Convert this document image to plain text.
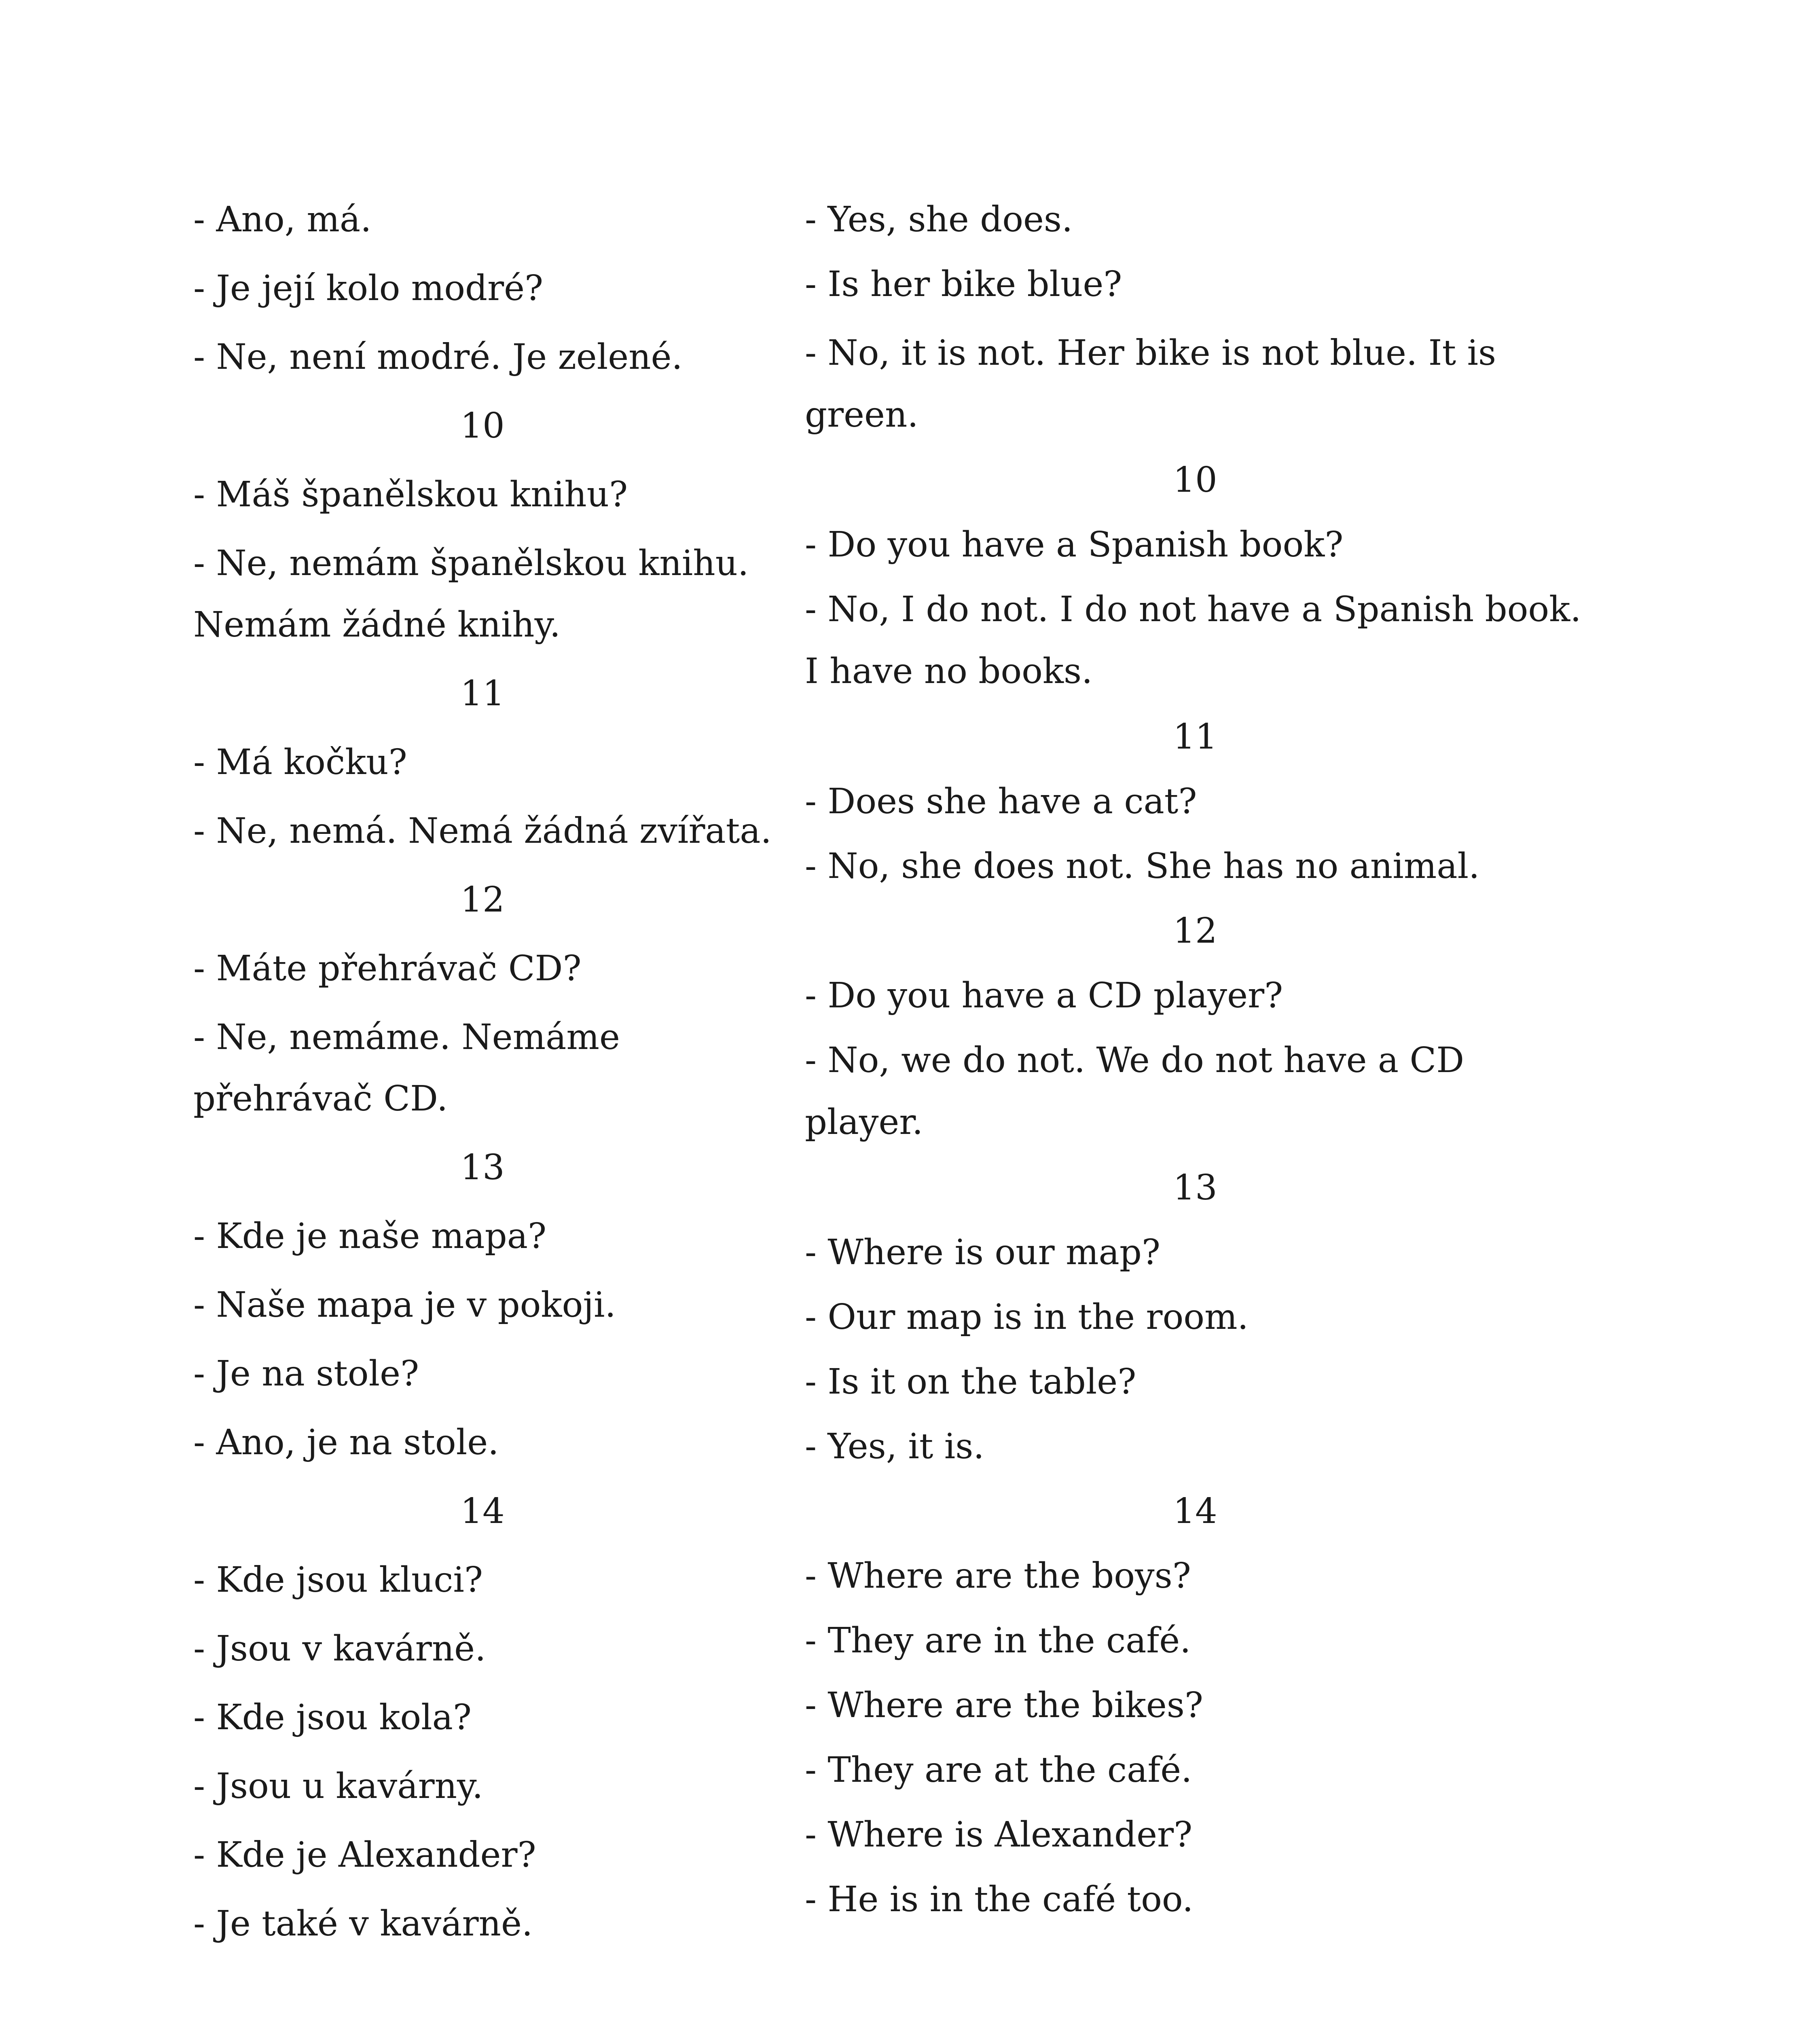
- Ano, má.
- Je její kolo modré?
- Ne, není modré. Je zelené.
10
- Máš španělskou knihu?
- Ne, nemám španělskou knihu.
Nemám žádné knihy.
11
- Má kočku?
- Ne, nemá. Nemá žádná zvířata.
12
- Máte přehrávač CD?
- Ne, nemáme. Nemáme
přehrávač CD.
13
- Kde je naše mapa?
- Naše mapa je v pokoji.
- Je na stole?
- Ano, je na stole.
14
- Kde jsou kluci?
- Jsou v kavárně.
- Kde jsou kola?
- Jsou u kavárny.
- Kde je Alexander?
- Je také v kavárně.
- Yes, she does.
- Is her bike blue?
- No, it is not. Her bike is not blue. It is
green.
10
- Do you have a Spanish book?
- No, I do not. I do not have a Spanish book.
I have no books.
11
- Does she have a cat?
- No, she does not. She has no animal.
12
- Do you have a CD player?
- No, we do not. We do not have a CD
player.
13
- Where is our map?
- Our map is in the room.
- Is it on the table?
- Yes, it is.
14
- Where are the boys?
- They are in the café.
- Where are the bikes?
- They are at the café.
- Where is Alexander?
- He is in the café too.
